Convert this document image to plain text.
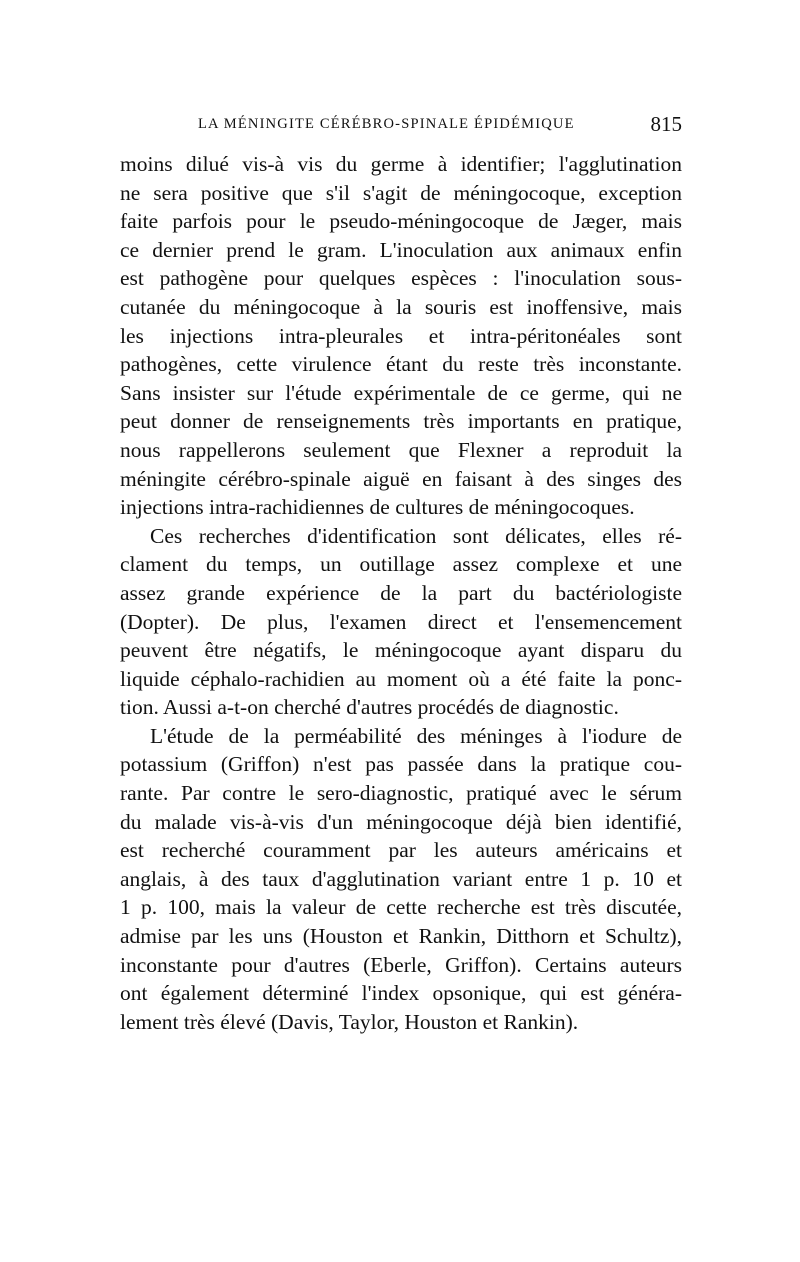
LA MÉNINGITE CÉRÉBRO-SPINALE ÉPIDÉMIQUE	815
moins dilué vis-à vis du germe à identifier; l'agglutination
ne sera positive que s'il s'agit de méningocoque, exception
faite parfois pour le pseudo-méningocoque de Jæger, mais
ce dernier prend le gram. L'inoculation aux animaux enfin
est pathogène pour quelques espèces : l'inoculation sous-
cutanée du méningocoque à la souris est inoffensive, mais
les injections intra-pleurales et intra-péritonéales sont
pathogènes, cette virulence étant du reste très inconstante.
Sans insister sur l'étude expérimentale de ce germe, qui ne
peut donner de renseignements très importants en pratique,
nous rappellerons seulement que Flexner a reproduit la
méningite cérébro-spinale aiguë en faisant à des singes des
injections intra-rachidiennes de cultures de méningocoques.
Ces recherches d'identification sont délicates, elles ré-
clament du temps, un outillage assez complexe et une
assez grande expérience de la part du bactériologiste
(Dopter). De plus, l'examen direct et l'ensemencement
peuvent être négatifs, le méningocoque ayant disparu du
liquide céphalo-rachidien au moment où a été faite la ponc-
tion. Aussi a-t-on cherché d'autres procédés de diagnostic.
L'étude de la perméabilité des méninges à l'iodure de
potassium (Griffon) n'est pas passée dans la pratique cou-
rante. Par contre le sero-diagnostic, pratiqué avec le sérum
du malade vis-à-vis d'un méningocoque déjà bien identifié,
est recherché couramment par les auteurs américains et
anglais, à des taux d'agglutination variant entre 1 p. 10 et
1 p. 100, mais la valeur de cette recherche est très discutée,
admise par les uns (Houston et Rankin, Ditthorn et Schultz),
inconstante pour d'autres (Eberle, Griffon). Certains auteurs
ont également déterminé l'index opsonique, qui est généra-
lement très élevé (Davis, Taylor, Houston et Rankin).
